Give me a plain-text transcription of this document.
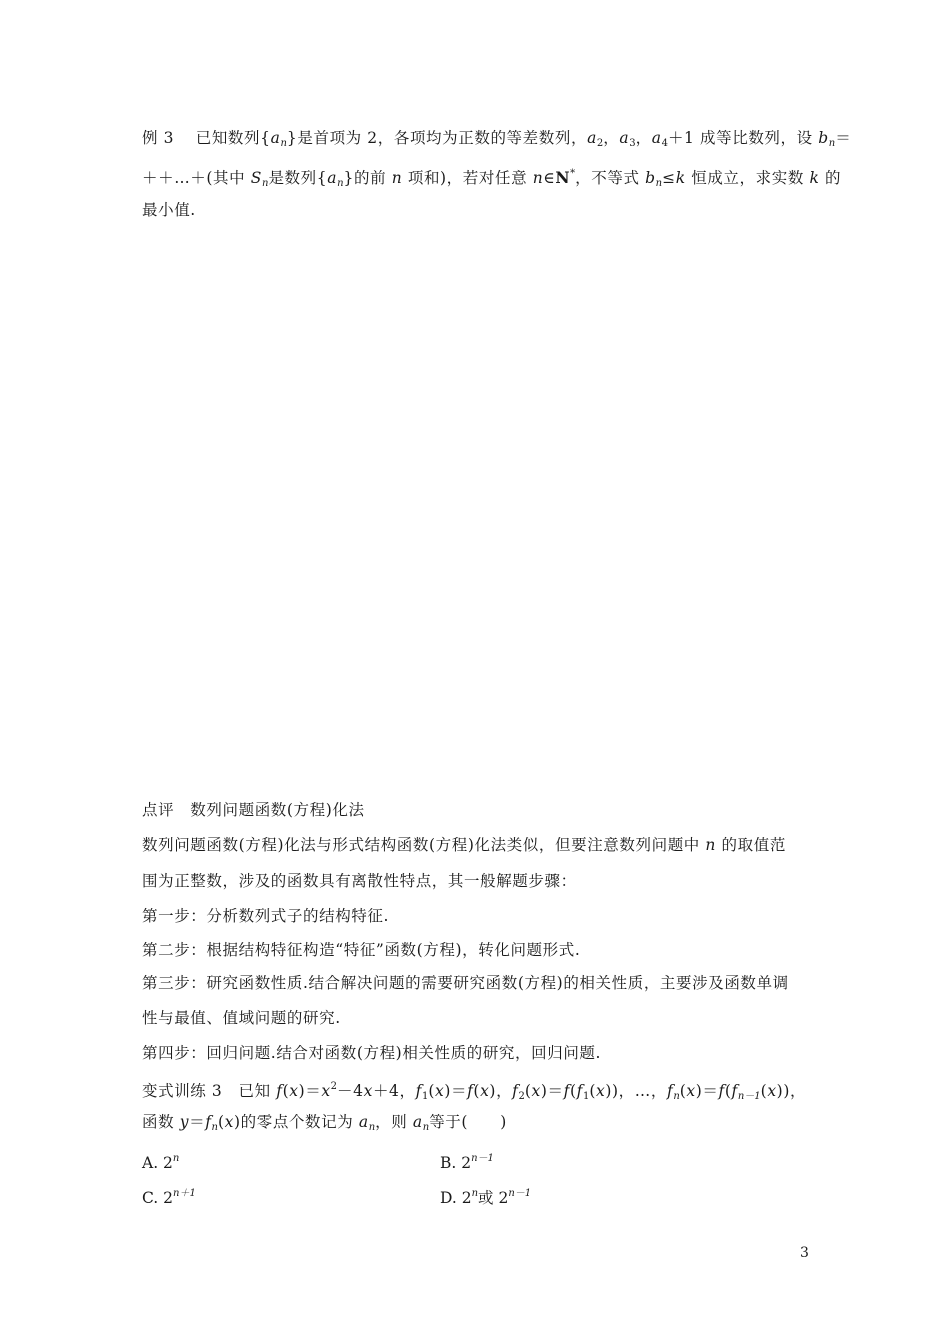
例 3　 已知数列$\{a_n\}$是首项为 2，各项均为正数的等差数列，$a_2$，$a_3$，$a_4+1$ 成等比数列，设 $b_n=$
＋＋…＋(其中 $S_n$是数列$\{a_n\}$的前 n 项和)，若对任意 n∈N*，不等式 $b_n\le k$ 恒成立，求实数 k 的
最小值.
点评　数列问题函数(方程)化法
数列问题函数(方程)化法与形式结构函数(方程)化法类似，但要注意数列问题中 n 的取值范
围为正整数，涉及的函数具有离散性特点，其一般解题步骤：
第一步：分析数列式子的结构特征.
第二步：根据结构特征构造“特征”函数(方程)，转化问题形式.
第三步：研究函数性质.结合解决问题的需要研究函数(方程)的相关性质，主要涉及函数单调
性与最值、值域问题的研究.
第四步：回归问题.结合对函数(方程)相关性质的研究，回归问题.
变式训练 3　已知 $f(x)=x^2-4x+4$，$f_1(x)=f(x)$，$f_2(x)=f(f_1(x))$，…，$f_n(x)=f(f_{n-1}(x))$，
函数 $y=f_n(x)$的零点个数记为 $a_n$，则 $a_n$等于(　　)
A. 2$^n$	B. $2^{n-1}$
C. $2^{n+1}$	D. 2$^n$或 $2^{n-1}$
3
